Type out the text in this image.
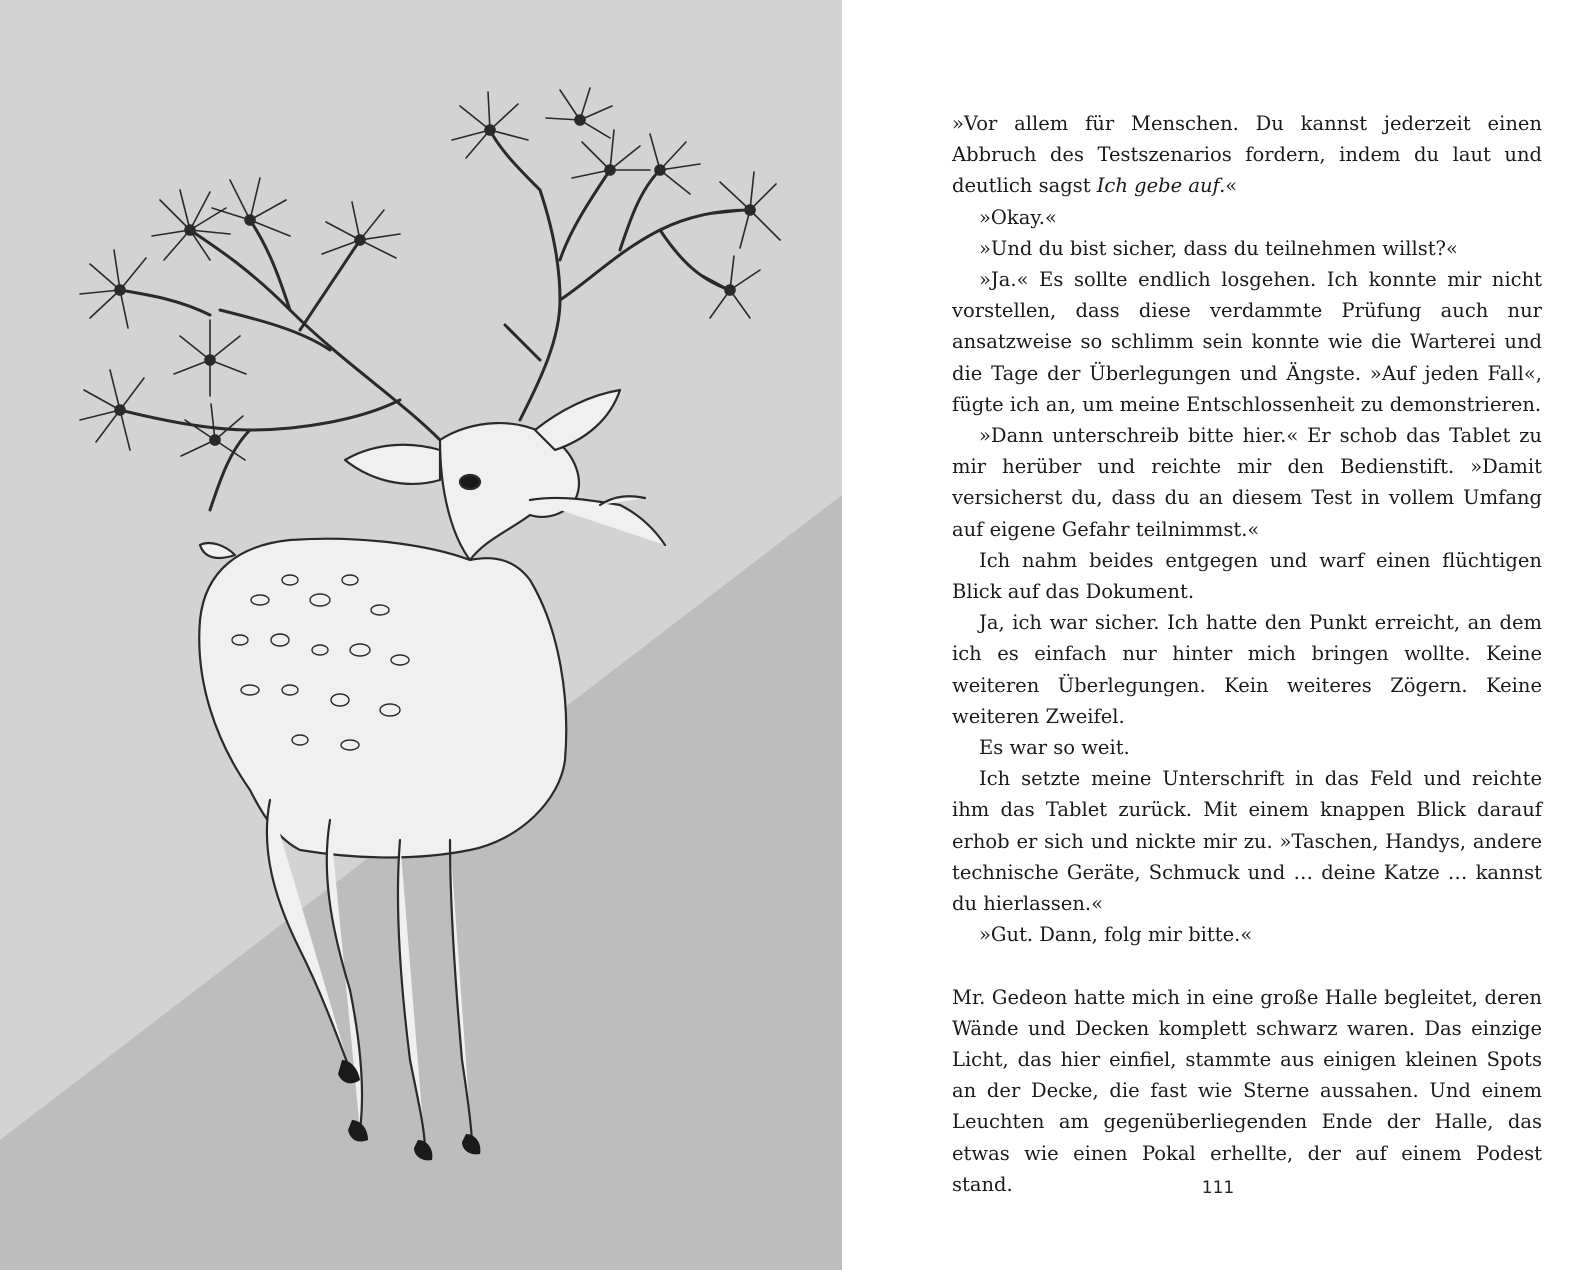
»Vor allem für Menschen. Du kannst jederzeit einen Abbruch des Testszenarios fordern, indem du laut und deutlich sagst Ich gebe auf.«

»Okay.«

»Und du bist sicher, dass du teilnehmen willst?«

»Ja.« Es sollte endlich losgehen. Ich konnte mir nicht vorstellen, dass diese verdammte Prüfung auch nur ansatzweise so schlimm sein konnte wie die Warterei und die Tage der Überlegungen und Ängste. »Auf jeden Fall«, fügte ich an, um meine Entschlossenheit zu demonstrieren.

»Dann unterschreib bitte hier.« Er schob das Tablet zu mir herüber und reichte mir den Bedienstift. »Damit versicherst du, dass du an diesem Test in vollem Umfang auf eigene Gefahr teilnimmst.«

Ich nahm beides entgegen und warf einen flüchtigen Blick auf das Dokument.

Ja, ich war sicher. Ich hatte den Punkt erreicht, an dem ich es einfach nur hinter mich bringen wollte. Keine weiteren Überlegungen. Kein weiteres Zögern. Keine weiteren Zweifel.

Es war so weit.

Ich setzte meine Unterschrift in das Feld und reichte ihm das Tablet zurück. Mit einem knappen Blick darauf erhob er sich und nickte mir zu. »Taschen, Handys, andere technische Geräte, Schmuck und … deine Katze … kannst du hierlassen.«

»Gut. Dann, folg mir bitte.«

Mr. Gedeon hatte mich in eine große Halle begleitet, deren Wände und Decken komplett schwarz waren. Das einzige Licht, das hier einfiel, stammte aus einigen kleinen Spots an der Decke, die fast wie Sterne aussahen. Und einem Leuchten am gegenüberliegenden Ende der Halle, das etwas wie einen Pokal erhellte, der auf einem Podest stand.	111
